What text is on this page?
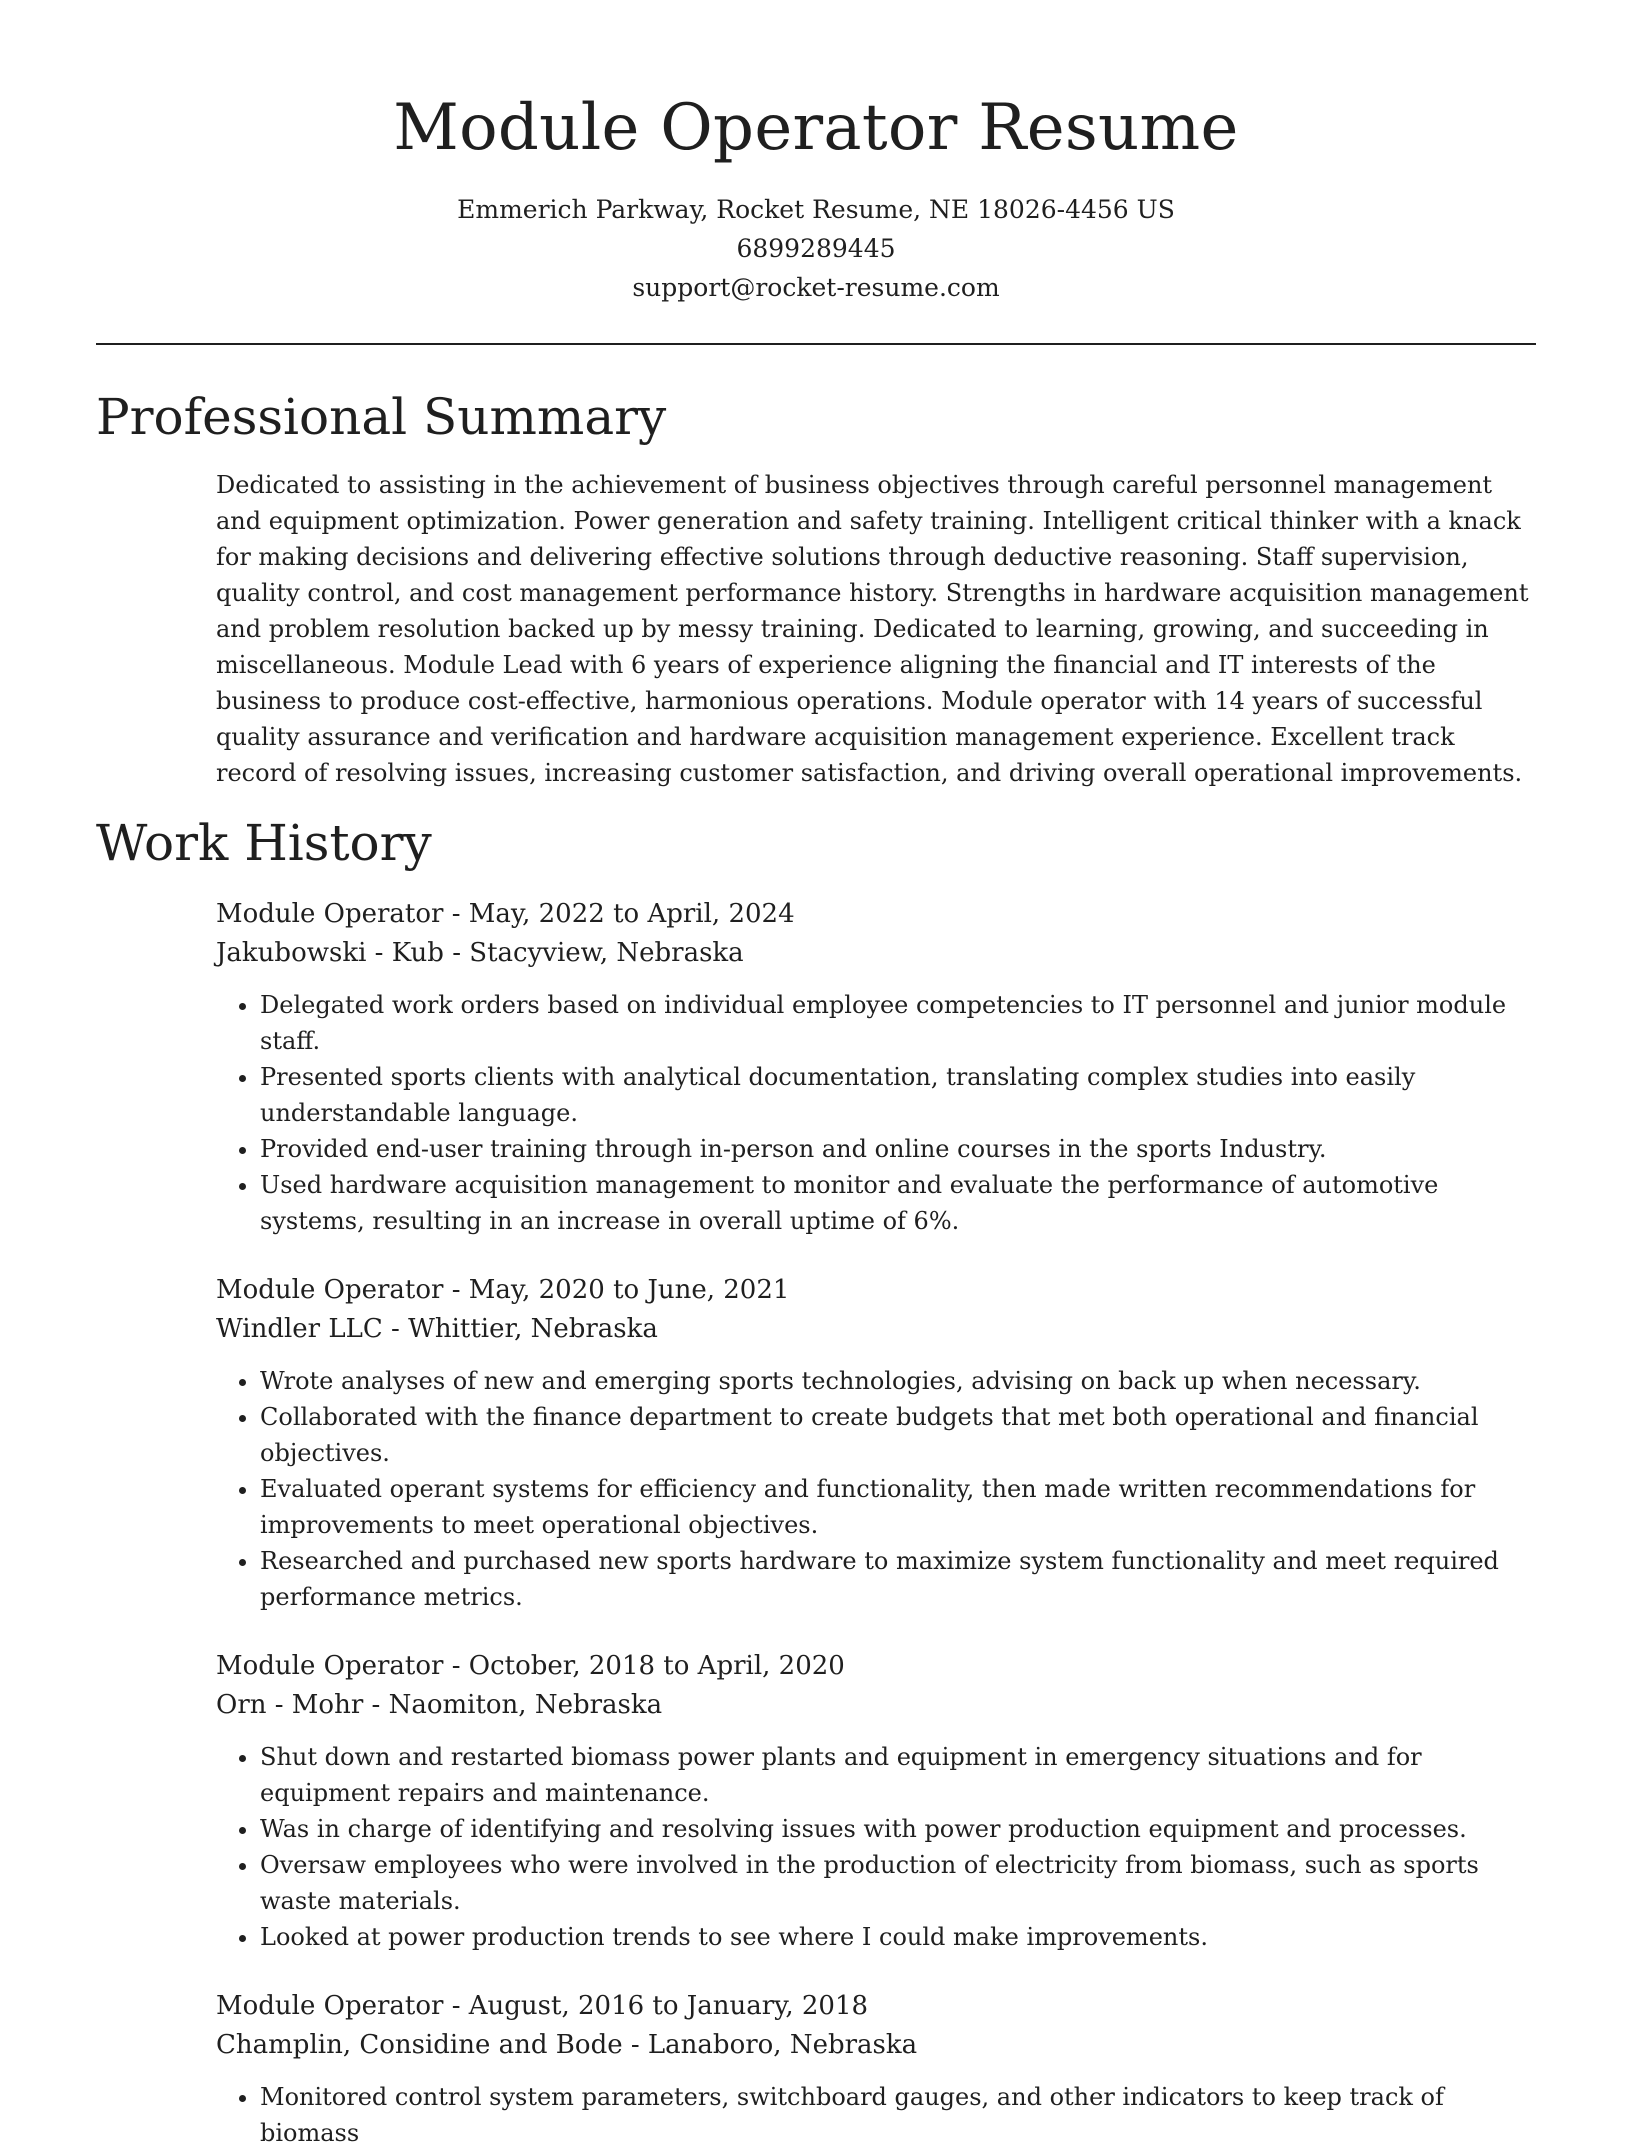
Module Operator Resume
Emmerich Parkway, Rocket Resume, NE 18026-4456 US
6899289445
support@rocket-resume.com
Professional Summary

Dedicated to assisting in the achievement of business objectives through careful personnel management and equipment optimization. Power generation and safety training. Intelligent critical thinker with a knack for making decisions and delivering effective solutions through deductive reasoning. Staff supervision, quality control, and cost management performance history. Strengths in hardware acquisition management and problem resolution backed up by messy training. Dedicated to learning, growing, and succeeding in miscellaneous. Module Lead with 6 years of experience aligning the financial and IT interests of the business to produce cost-effective, harmonious operations. Module operator with 14 years of successful quality assurance and verification and hardware acquisition management experience. Excellent track record of resolving issues, increasing customer satisfaction, and driving overall operational improvements.

Work History
Module Operator - May, 2022 to April, 2024
Jakubowski - Kub - Stacyview, Nebraska
• Delegated work orders based on individual employee competencies to IT personnel and junior module staff.
• Presented sports clients with analytical documentation, translating complex studies into easily understandable language.
• Provided end-user training through in-person and online courses in the sports Industry.
• Used hardware acquisition management to monitor and evaluate the performance of automotive systems, resulting in an increase in overall uptime of 6%.
Module Operator - May, 2020 to June, 2021
Windler LLC - Whittier, Nebraska
• Wrote analyses of new and emerging sports technologies, advising on back up when necessary.
• Collaborated with the finance department to create budgets that met both operational and financial objectives.
• Evaluated operant systems for efficiency and functionality, then made written recommendations for improvements to meet operational objectives.
• Researched and purchased new sports hardware to maximize system functionality and meet required performance metrics.
Module Operator - October, 2018 to April, 2020
Orn - Mohr - Naomiton, Nebraska
• Shut down and restarted biomass power plants and equipment in emergency situations and for equipment repairs and maintenance.
• Was in charge of identifying and resolving issues with power production equipment and processes.
• Oversaw employees who were involved in the production of electricity from biomass, such as sports waste materials.
• Looked at power production trends to see where I could make improvements.
Module Operator - August, 2016 to January, 2018
Champlin, Considine and Bode - Lanaboro, Nebraska
• Monitored control system parameters, switchboard gauges, and other indicators to keep track of biomass
